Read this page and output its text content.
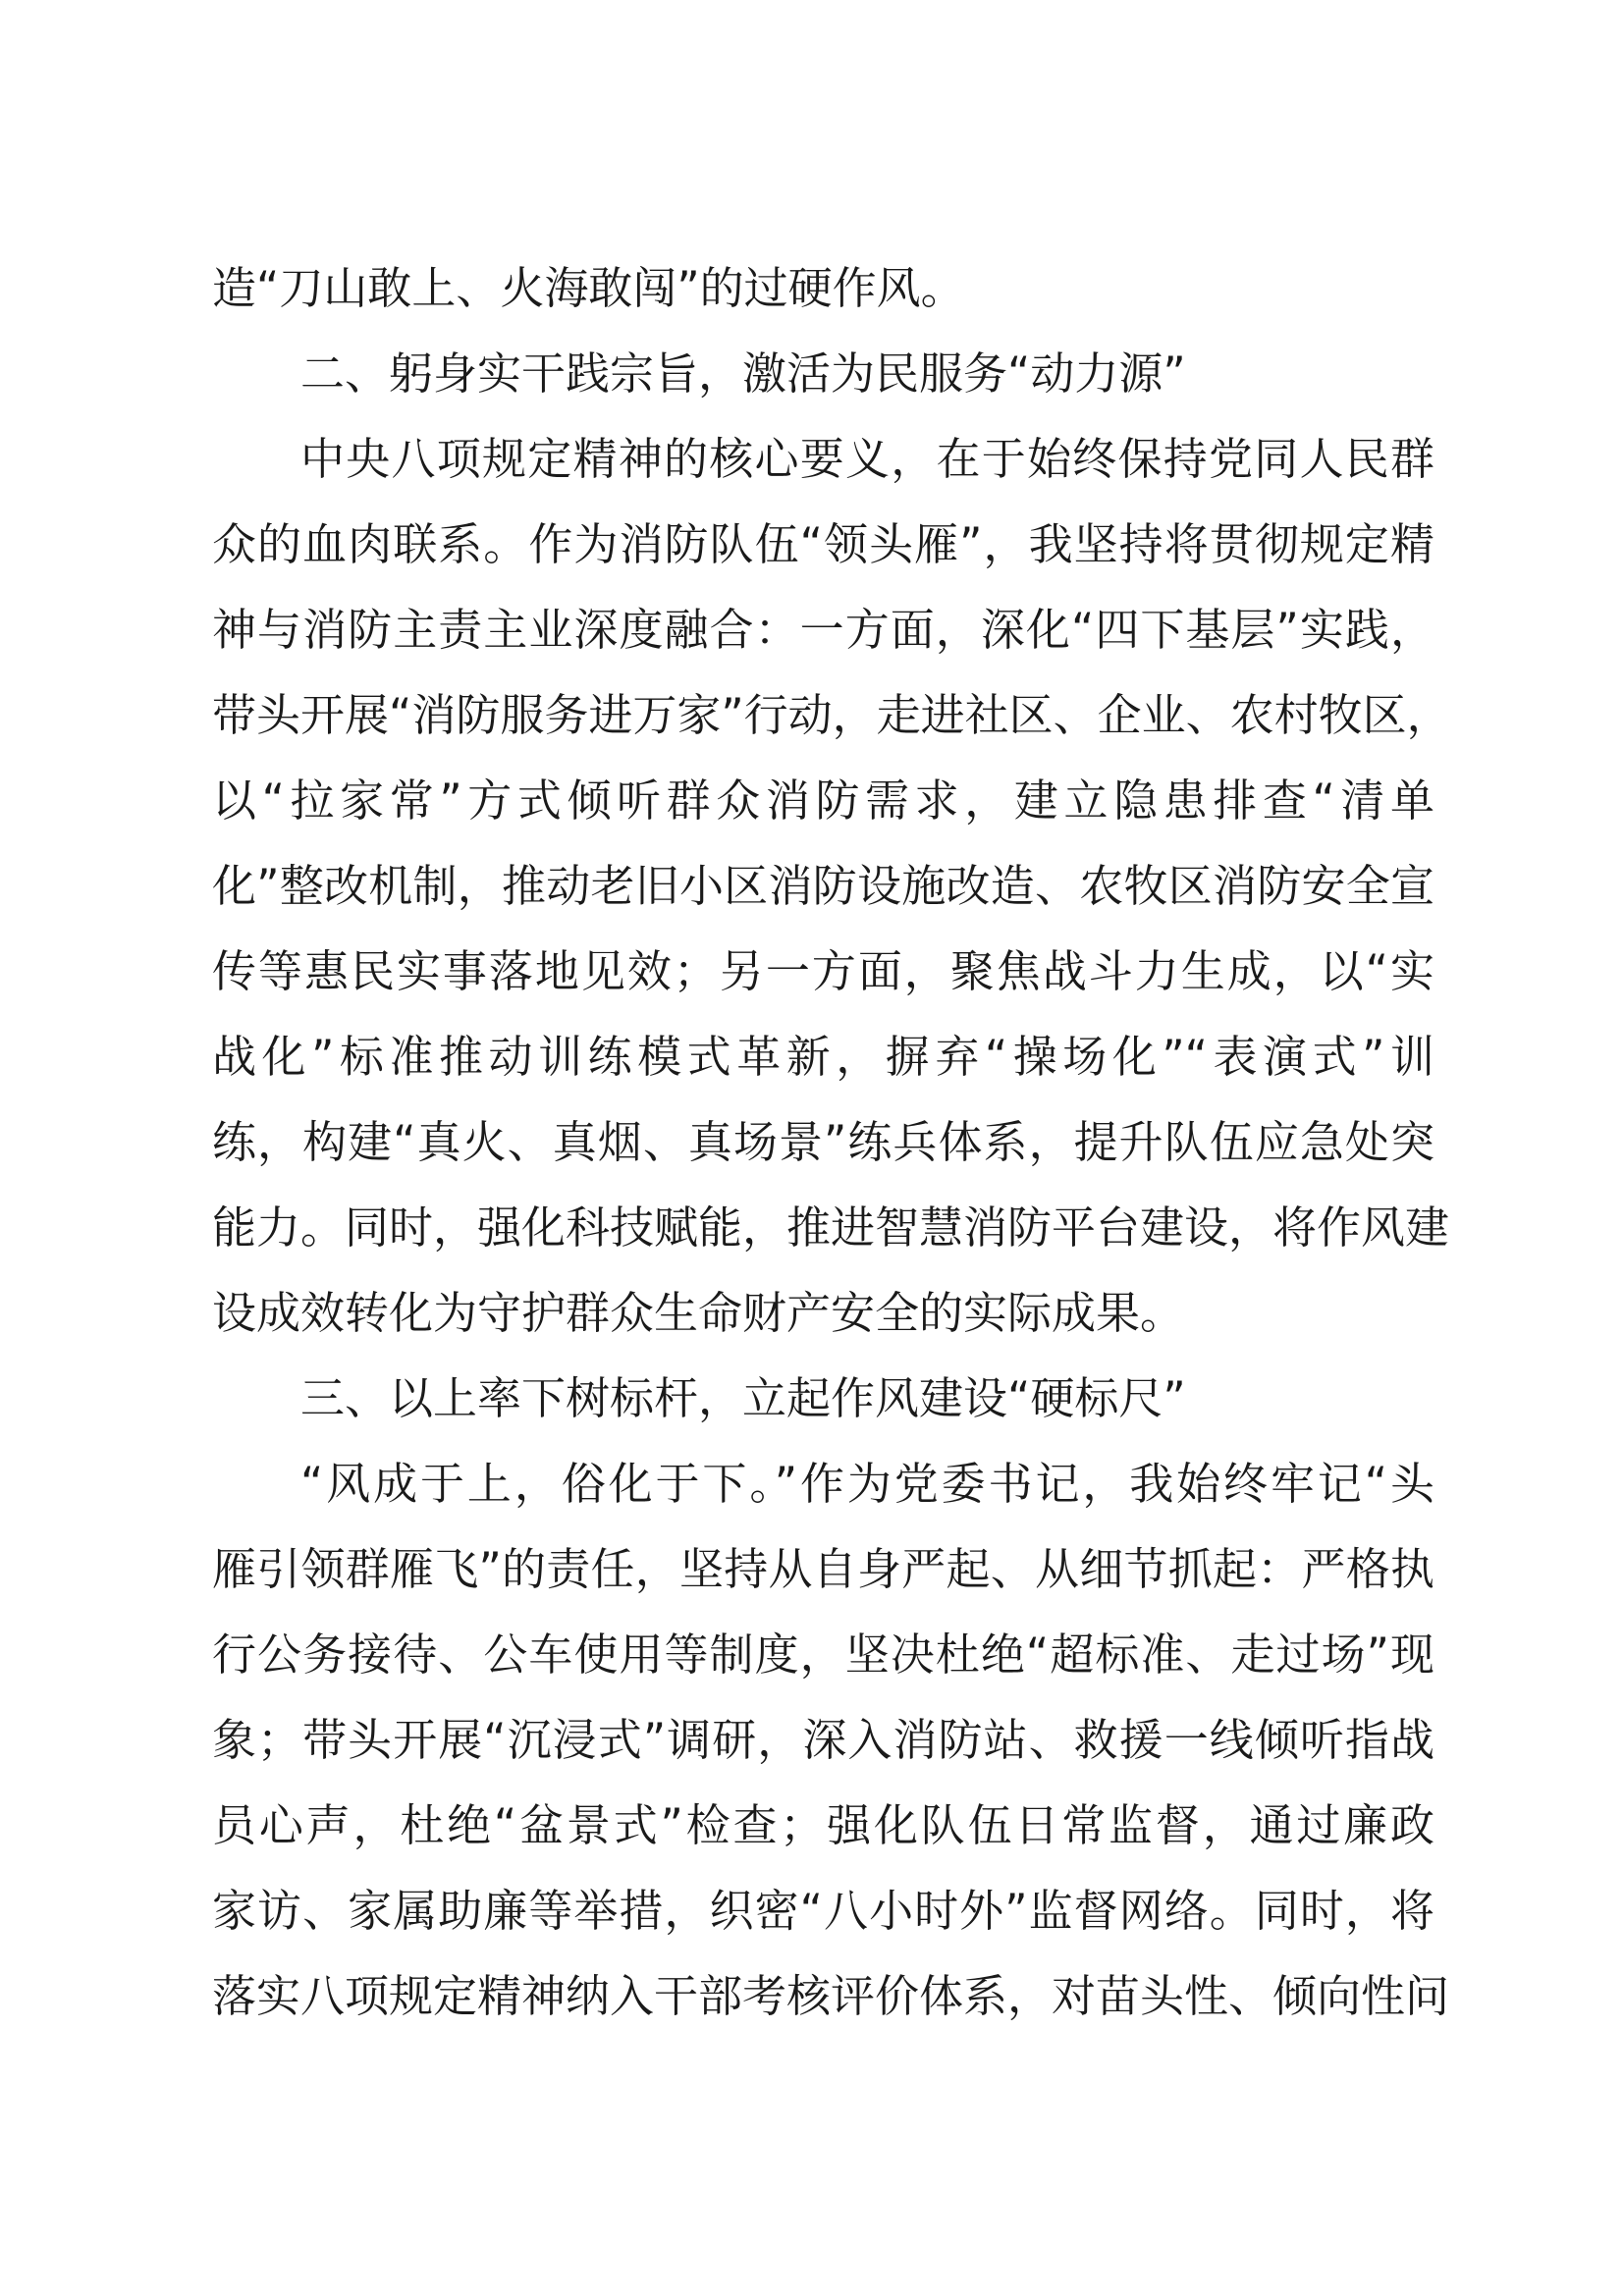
造“刀山敢上、火海敢闯”的过硬作风。
二、躬身实干践宗旨，激活为民服务“动力源”
中央八项规定精神的核心要义，在于始终保持党同人民群
众的血肉联系。作为消防队伍“领头雁”，我坚持将贯彻规定精
神与消防主责主业深度融合：一方面，深化“四下基层”实践，
带头开展“消防服务进万家”行动，走进社区、企业、农村牧区，
以“拉家常”方式倾听群众消防需求，建立隐患排查“清单
化”整改机制，推动老旧小区消防设施改造、农牧区消防安全宣
传等惠民实事落地见效；另一方面，聚焦战斗力生成，以“实
战化”标准推动训练模式革新，摒弃“操场化”“表演式”训
练，构建“真火、真烟、真场景”练兵体系，提升队伍应急处突
能力。同时，强化科技赋能，推进智慧消防平台建设，将作风建
设成效转化为守护群众生命财产安全的实际成果。
三、以上率下树标杆，立起作风建设“硬标尺”
“风成于上，俗化于下。”作为党委书记，我始终牢记“头
雁引领群雁飞”的责任，坚持从自身严起、从细节抓起：严格执
行公务接待、公车使用等制度，坚决杜绝“超标准、走过场”现
象；带头开展“沉浸式”调研，深入消防站、救援一线倾听指战
员心声，杜绝“盆景式”检查；强化队伍日常监督，通过廉政
家访、家属助廉等举措，织密“八小时外”监督网络。同时，将
落实八项规定精神纳入干部考核评价体系，对苗头性、倾向性问
